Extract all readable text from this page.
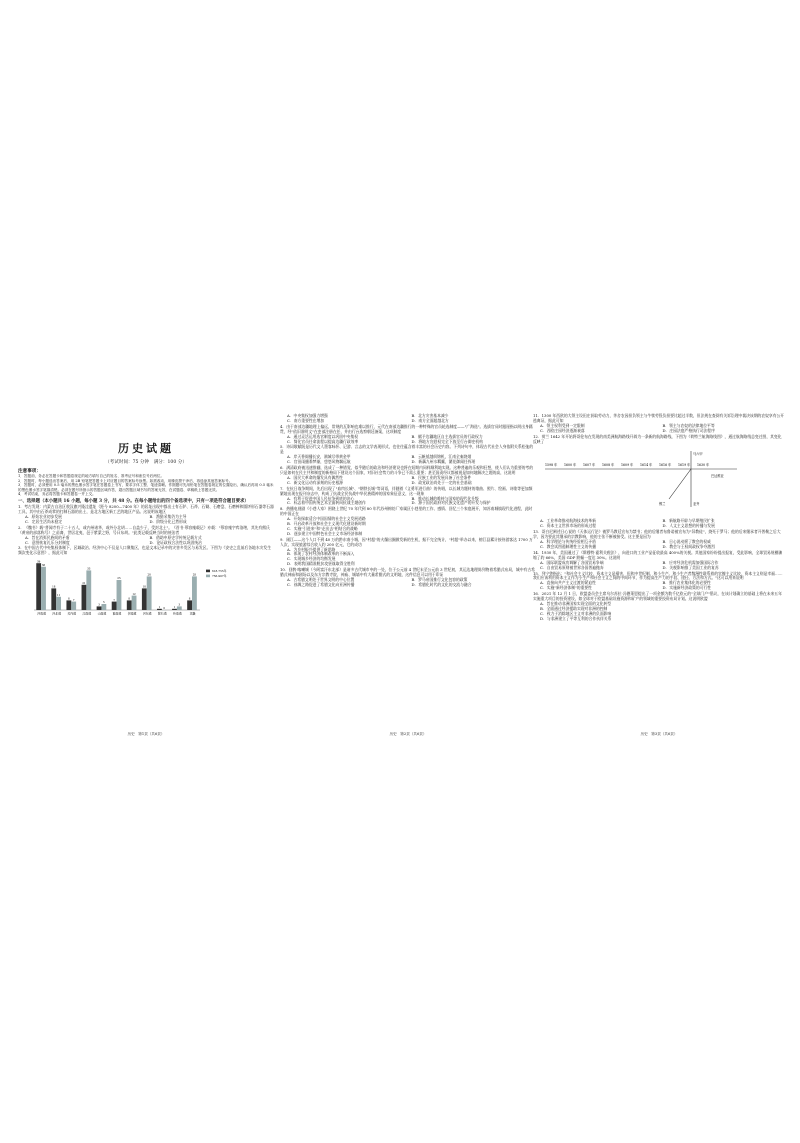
历史试题
（考试时间：75 分钟　满分：100 分）
注意事项：
1．答题前，务必在答题卡和答题卷规定的地方填写自己的姓名、准考证号和座位号后两位。
2．答题时，每小题选出答案后，用 2B 铅笔把答题卡上对应题目的答案标号涂黑。如需改动，用橡皮擦干净后，再选涂其他答案标号。
3．答题时，必须使用 0.5 毫米的黑色墨水签字笔在答题卷上书写，要求字体工整、笔迹清晰。作图题可先用铅笔在答题卷规定的位置绘出，确认后再用 0.5 毫米的黑色墨水签字笔描清楚。必须在题号所指示的答题区域作答，超出答题区域书写的答案无效，在试题卷、草稿纸上答题无效。
4．考试结束，务必将答题卡和答题卷一并上交。
一、选择题（本小题共 16 小题，每小题 3 分，共 48 分。在每小题给出的四个备选项中，只有一项是符合题目要求）
1．考古发现：内蒙古自治区敖汉旗兴隆洼遗址（距今 8200—7400 年）的居址出现中都出土有石铲、石斧、石锄、石磨盘、石磨棒和圆饼形石器等石器工具，其中由石斧成掌的打制石器的出土，是北方地区新工艺的地区产品。这说明该地区
A．原始农业初步发展	B．渔猎采集仍为主导
C．定居生活尚未稳定	D．阶级分化已然形成
2．《魏书》载"普闻寺有子二十五人，或内州诸华，或外分北胡……自盖少子，受封北土"。《晋书·慕容廆载记》亦载："慕容廆字弈洛瓌，其先有熊氏（黄帝的部落称号）之苗裔，世居北夷，邑于紫蒙之野，号曰东胡。"此类记载反映当时的统治者
A．旨在消弭民族间的矛盾	B．借助中原史学传统记载方式
C．意图恢复礼乐分封制度	D．论证政权合法性以巩固统治
3．在中国古代中央集权体制下，区域政治、经济中心不仅是人口聚集区，也是文本记录中的灾害多发区与易发区。下图为《安史之乱前后各地水灾发生频次变化示意图》，据此可知
39
36
河南道
18
11
河北道
8 7
关内道
21
33
江南道
3
5
山南道
7
25
淮南道
8
12
剑南道
18
28
河东道
1 0
陇右道
1
3
岭南道
8
28
京畿
618-755年
756-907年
历史　第1页（共6页）
A．中央集权加强力增强	B．北方灾害基本减少
C．南方重要性在增加	D．南方全面超越北方
4．由于南部边疆地理上偏远，常规的瓦影响也难以推行，元代在南部边疆推行的一种特殊的官员轮选制度——"广海选"。选拔官员时跟诬指以明出身籍贯，经"依旧准明文"在吏部注册在任，并由行台选察朝廷备案，这项制度
A．通过灵活运用选官制度以巩固中央集权	B．赋予边疆地区自主选拔官员的行政权力
C．简化官员任命流程以提高边疆行政效率	D．将地方宣慰权完全下放至行台御史机构
5．诗词歌赋既是历代文人墨客咏怀、记游、言志的文学表现形式，也往往蕴含着丰富的社会历史内容。下列诗句中，体现古代社会人身依附关系松弛的是
A．岸天香阁播长安，满城尽带黄金甲	B．云帆抵越织锦机，江南全秦烧烟
C．官田雨播黍梦渐，悠悠风物飘远航	D．新藕九州水羁縻，繁花御闻任挥瑶
6．满清政府被迅速推翻，选成了一种错觉，似乎随后的政治和经济建设也将在短期内同样顺利地实现。这种普遍的乐观和狂想，使人们认为重要的考的只是如何在民主共和制度的新格局下建设这个国家，对旧社会势力的斗争已不需么重要；甚至国责经议都被视是如何地解决之题的高，这说明
A．国民大革命的爆发具有偶然性	B．民族工业的发展具备了社会条件
C．新文化运动有深刻的历史根源	D．政党政治尚处于一定的社会基础
7．在抗日战争期间，先后出现了"血肉长城"、"钢铁长城"等词语，伴随着《义勇军进行曲》的传唱，以长城为题材的歌曲、照片、绘画、诗歌等更加频繁地出现在报刊杂志中，构成了抗战全民抗战中华民族精神的国家象征意义，这一现象
A．有利于促进中国人民抗争到底的决心	B．推动长城的维持与国家的现代化升级
C．标志着中国传统艺术全面转向抗战主题创作	D．源于国民政府对民族文化遗产的开发与保护
8．热播电视剧《小巷人家》围绕上世纪 70 年代到 80 年代苏州棉纺厂家属区小巷里的工作、感情、回忆三个家庭展开，知苏南城镇现代化进程，此时的中国正在
A．开始探索适合中国国情的社会主义发展道路
B．开启改革开放和社会主义现代化建设新时期
C．实施"引进来"和"走出去"相结合的战略
D．逐步建立中国特色社会主义市场经济体制
9．刚江——这个人口不到 40 万的黔东南小城，因"村超"的火爆出圈掀发新的生机，据不完全统计，"村超"举办以来，榕江县累计接待游客达 1700 万人次，实现旅游综合收入约 200 亿元，它的成功
A．为乡村振兴提供了新思路
B．体现了农村经济体制改革的不断深入
C．实现城乡经济的均衡发展
D．表明我国精准脱贫攻坚战取得全胜利
10．回鹘·喀喇城（今阿富汗东北部）是诸多古代城市中的一处，位于公元前 4 世纪末至公元前 3 世纪初，其运达地理陈列物着希腊式布局，城中有古希腊式神庙和剧场以及东方宗教寺院，神庙、城墙中有大量希腊式的文明地，这件信息可以用于印证
A．古希腊文明处于世界文明的中心位置	B．罗马帝国推行文化包容的政策
C．丝绸之路促进了希腊文化向亚洲传播	D．希腊化时代的文化的交流与融合
历史　第2页（共6页）
11．1300 年西欧的大领主设田庄获取劳动力，茅舍农因担负领主与牛犊劳役负担要比超过半数，但法规在查阅有关诉讼理中裁决该期的农奴享有公开逃离证，据此可知
A．领主权利受到一定限制	B．领主与农奴的法律地位平等
C．西欧庄园经济逐渐衰落	D．庄园法庭严格执行司法程序
12．荷兰 1642 年开始将哥伦布在发现的南美洲航海路线开辟为一条新的航海路线，下图为《荷特兰航海路线图》，通过航海路线总变迁图，其变化反映了
1598 年 1600 年 1607 年 1608 年 1609 年 1614 年 1616 年 1619 年 1630 年
马六甲
巴达维亚
亚齐
锡兰
A．工业革命推动航海技术的革新	B．新航路开辟与早期殖民扩张
C．资本主义世界市场的形成过程	D．人文主义思想的传播与发展
13．哥白尼阐述日心说的《天体运行论》被罗马教廷宣布为禁书；他的后继者布鲁诺被宣布为"异教徒"，烧死于罗马；他的后来继承者开普勒之后大学，因为要此其继承的宗教影响，他的主张不断被接受。这主要是因为
A．科学理论与传统经验相互矛盾	B．日心说动摇了教会的权威
C．教会试图遏制理性主义的传播	D．教会与王权间政权争夺激烈
14．1930 年，美国通过了《斯穆特·霍利关税法》，向进口的工业产品征收最高 400%的关税。其他国家纷纷提出报复，受此影响，全球贸易规模骤缩了约 66%，美国 GDP 跌幅一度达 30%。这说明
A．国际联盟成功调解了各国贸易争端	B．应对经济危机需加强国际合作
C．自由贸易原则被世界各国普遍抛弃	D．关税影响推了美国工业的复苏
15．列宁曾指出："和社会主义比较，资本主义是祸害，但和中世纪制、和小生产、和小生产者散漫性联系着的官僚主义比较，资本主义则是幸福……我们应该利用资本主义作为小生产和社会主义之间的中间环节，作为提高生产力的手段、途径、方法和方式。"这可以用来说明
A．直接向共产主义过渡的紧迫性	B．推行农业集体化的必要性
C．实施"新经济体制"的重要性	D．实施新经济政策的可行性
16．2021 年 12 月 1 日，欧盟委员会主席乌尔苏拉·冯德莱恩提出了一项金额为数千亿欧元的"全球门户"倡议，在该计划确立的基础上将在未来五年实施重大项目的投资建设，如全球对于欧盟基础设施资源和矿产的领域的重要投资布局计划。这说明欧盟
A．旨在推动非洲国家实现全面的文化转型
B．全面通过经济援助实现对非洲的控制
C．致力于消除地区主义对非洲的负面影响
D．与非洲建立了平等互利的合作伙伴关系
历史　第3页（共6页）
